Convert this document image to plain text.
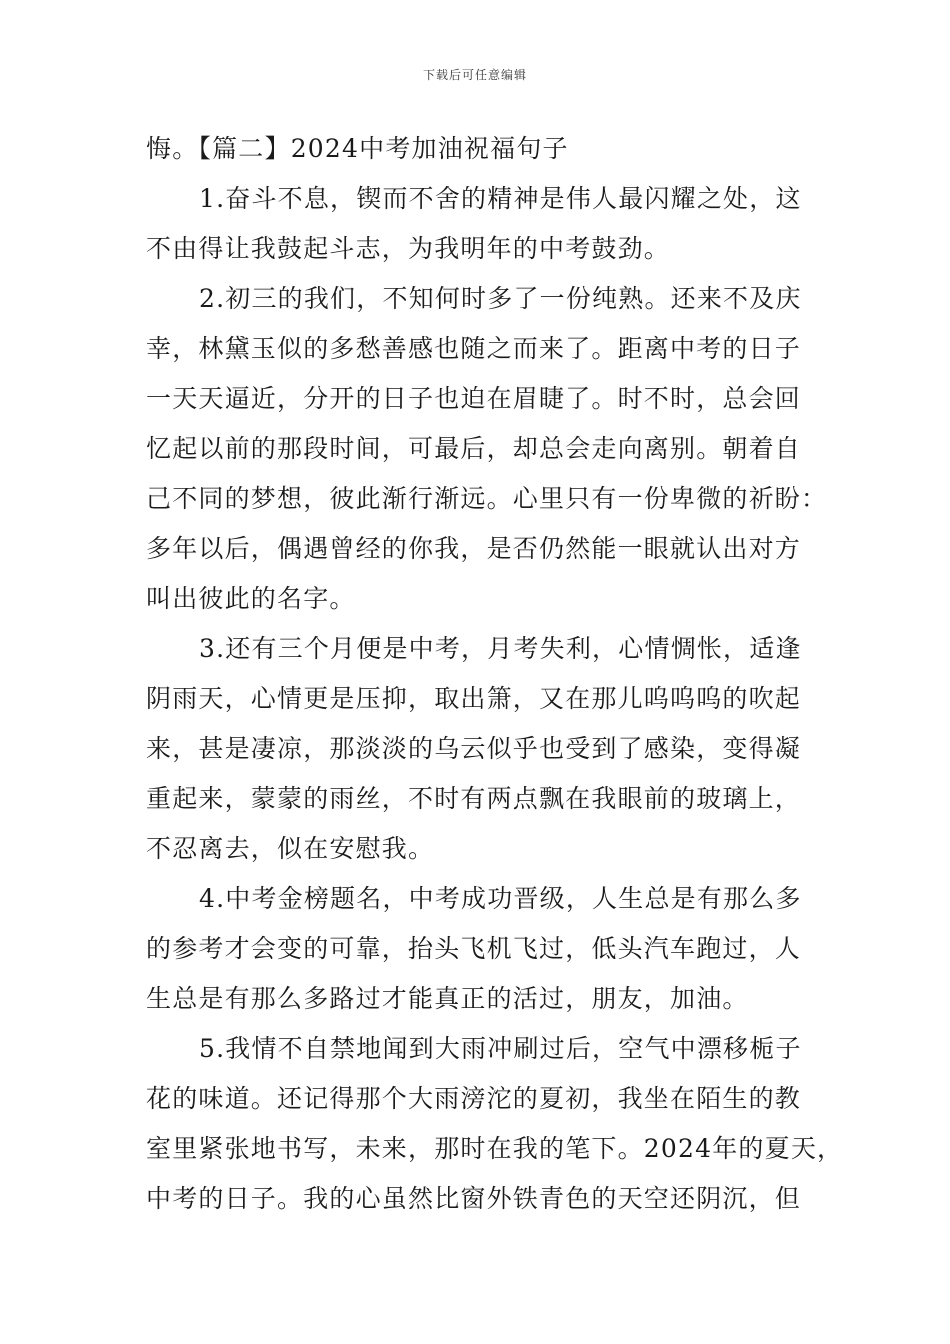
下载后可任意编辑
悔。【篇二】2024中考加油祝福句子
1.奋斗不息，锲而不舍的精神是伟人最闪耀之处，这
不由得让我鼓起斗志，为我明年的中考鼓劲。
2.初三的我们，不知何时多了一份纯熟。还来不及庆
幸，林黛玉似的多愁善感也随之而来了。距离中考的日子
一天天逼近，分开的日子也迫在眉睫了。时不时，总会回
忆起以前的那段时间，可最后，却总会走向离别。朝着自
己不同的梦想，彼此渐行渐远。心里只有一份卑微的祈盼：
多年以后，偶遇曾经的你我，是否仍然能一眼就认出对方
叫出彼此的名字。
3.还有三个月便是中考，月考失利，心情惆怅，适逢
阴雨天，心情更是压抑，取出箫，又在那儿呜呜呜的吹起
来，甚是凄凉，那淡淡的乌云似乎也受到了感染，变得凝
重起来，蒙蒙的雨丝，不时有两点飘在我眼前的玻璃上，
不忍离去，似在安慰我。
4.中考金榜题名，中考成功晋级，人生总是有那么多
的参考才会变的可靠，抬头飞机飞过，低头汽车跑过，人
生总是有那么多路过才能真正的活过，朋友，加油。
5.我情不自禁地闻到大雨冲刷过后，空气中漂移栀子
花的味道。还记得那个大雨滂沱的夏初，我坐在陌生的教
室里紧张地书写，未来，那时在我的笔下。2024年的夏天，
中考的日子。我的心虽然比窗外铁青色的天空还阴沉，但
